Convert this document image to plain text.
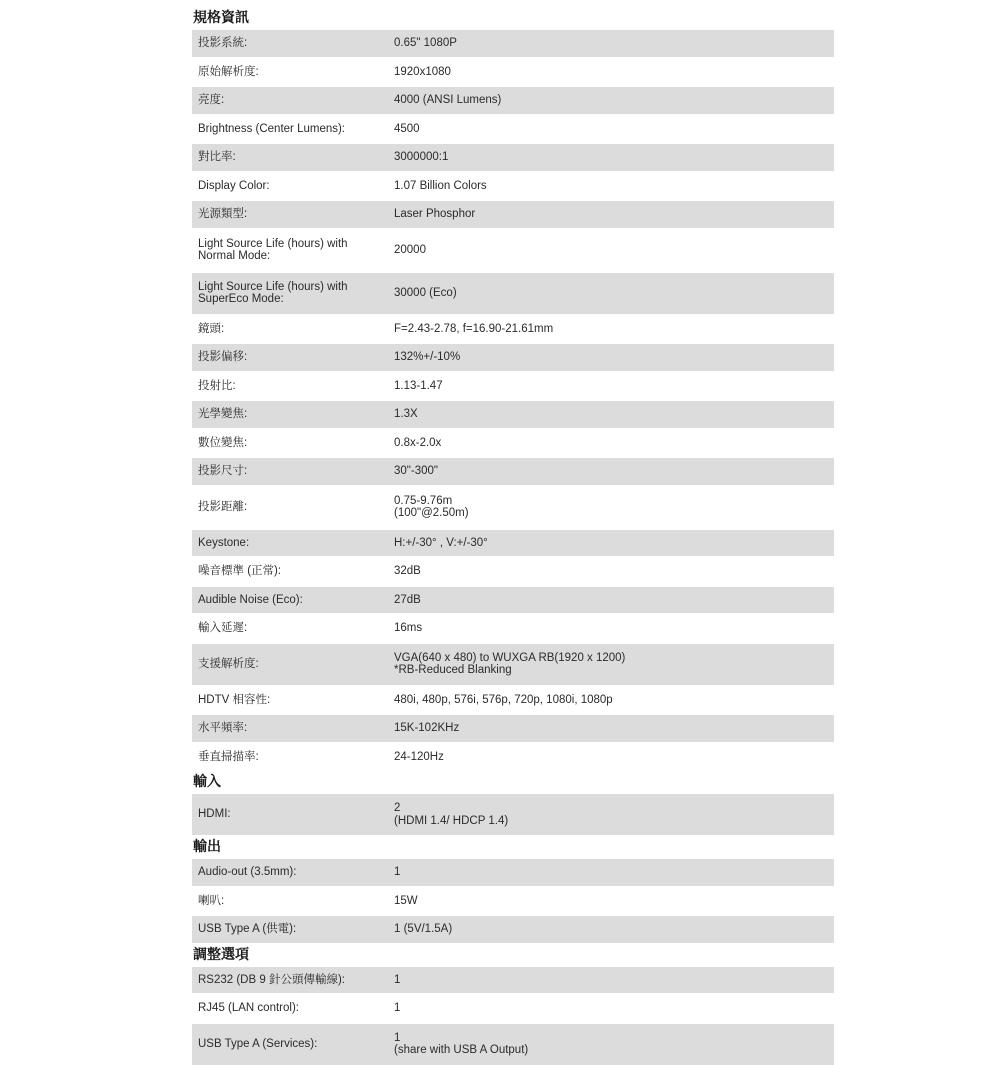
規格資訊
投影系統:	0.65" 1080P
原始解析度:	1920x1080
亮度:	4000 (ANSI Lumens)
Brightness (Center Lumens):	4500
對比率:	3000000:1
Display Color:	1.07 Billion Colors
光源類型:	Laser Phosphor
Light Source Life (hours) with
Normal Mode:	20000
Light Source Life (hours) with
SuperEco Mode:	30000 (Eco)
鏡頭:	F=2.43-2.78, f=16.90-21.61mm
投影偏移:	132%+/-10%
投射比:	1.13-1.47
光學變焦:	1.3X
數位變焦:	0.8x-2.0x
投影尺寸:	30"-300"
投影距離:	0.75-9.76m
(100"@2.50m)
Keystone:	H:+/-30° , V:+/-30°
噪音標準 (正常):	32dB
Audible Noise (Eco):	27dB
輸入延遲:	16ms
支援解析度:	VGA(640 x 480) to WUXGA RB(1920 x 1200)
*RB-Reduced Blanking
HDTV 相容性:	480i, 480p, 576i, 576p, 720p, 1080i, 1080p
水平頻率:	15K-102KHz
垂直掃描率:	24-120Hz
輸入
HDMI:	2
(HDMI 1.4/ HDCP 1.4)
輸出
Audio-out (3.5mm):	1
喇叭:	15W
USB Type A (供電):	1 (5V/1.5A)
調整選項
RS232 (DB 9 針公頭傳輸線):	1
RJ45 (LAN control):	1
USB Type A (Services):	1
(share with USB A Output)
